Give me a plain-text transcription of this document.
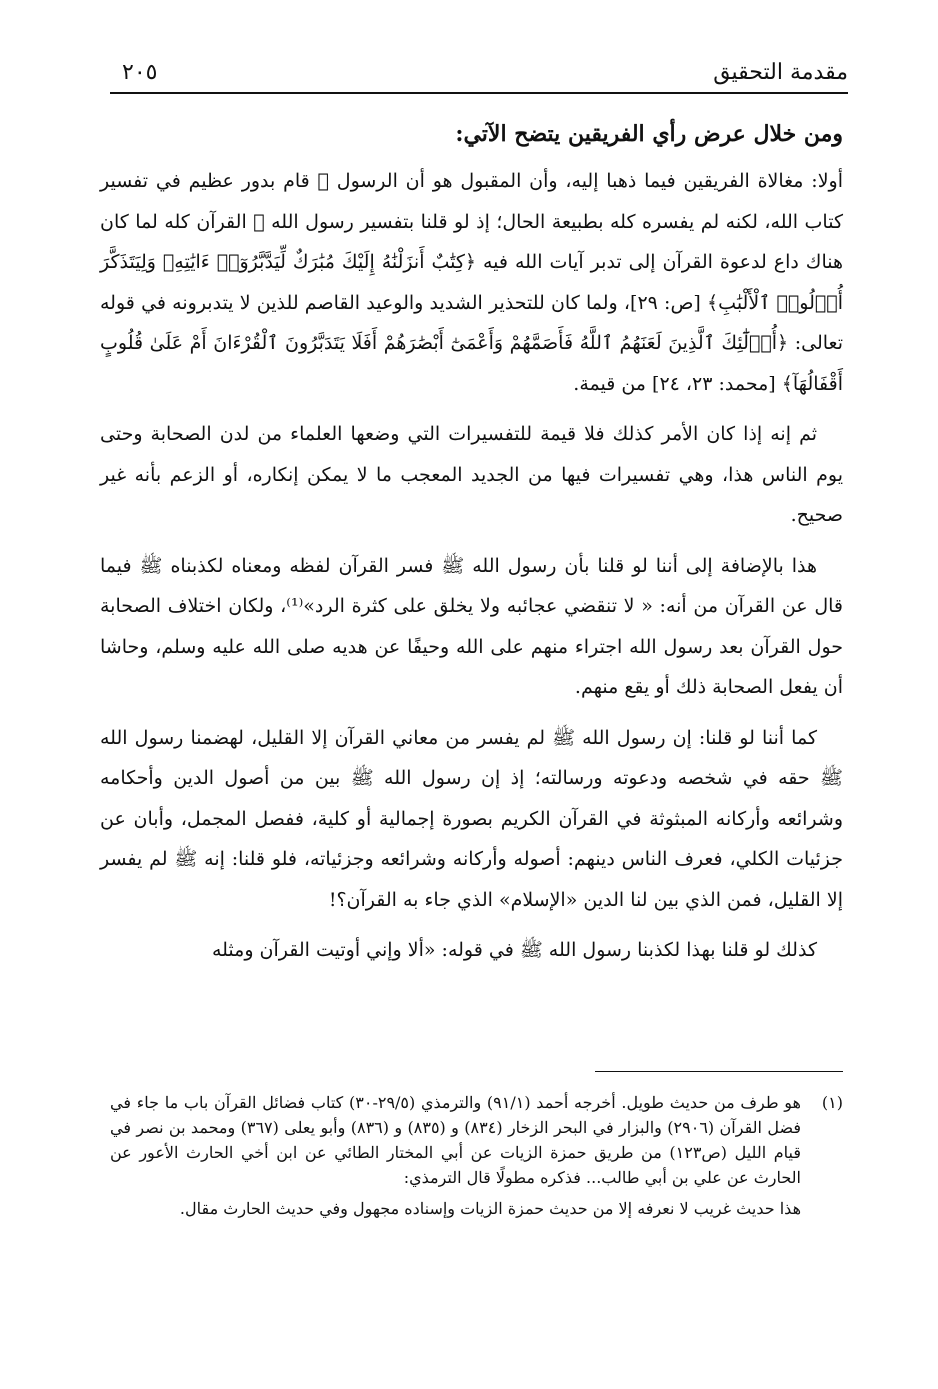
مقدمة التحقيق
٢٠٥
ومن خلال عرض رأي الفريقين يتضح الآتي:

أولا: مغالاة الفريقين فيما ذهبا إليه، وأن المقبول هو أن الرسول ﷺ قام بدور عظيم في تفسير كتاب الله، لكنه لم يفسره كله بطبيعة الحال؛ إذ لو قلنا بتفسير رسول الله ﷺ القرآن كله لما كان هناك داع لدعوة القرآن إلى تدبر آيات الله فيه ﴿كِتَٰبٌ أَنزَلْنَٰهُ إِلَيْكَ مُبَٰرَكٌ لِّيَدَّبَّرُوٓا۟ ءَايَٰتِهِۦ وَلِيَتَذَكَّرَ أُو۟لُوا۟ ٱلْأَلْبَٰبِ﴾ [ص: ٢٩]، ولما كان للتحذير الشديد والوعيد القاصم للذين لا يتدبرونه في قوله تعالى: ﴿أُو۟لَٰٓئِكَ ٱلَّذِينَ لَعَنَهُمُ ٱللَّهُ فَأَصَمَّهُمْ وَأَعْمَىٰٓ أَبْصَٰرَهُمْ أَفَلَا يَتَدَبَّرُونَ ٱلْقُرْءَانَ أَمْ عَلَىٰ قُلُوبٍ أَقْفَالُهَآ﴾ [محمد: ٢٣، ٢٤] من قيمة.

ثم إنه إذا كان الأمر كذلك فلا قيمة للتفسيرات التي وضعها العلماء من لدن الصحابة وحتى يوم الناس هذا، وهي تفسيرات فيها من الجديد المعجب ما لا يمكن إنكاره، أو الزعم بأنه غير صحيح.

هذا بالإضافة إلى أننا لو قلنا بأن رسول الله ﷺ فسر القرآن لفظه ومعناه لكذبناه ﷺ فيما قال عن القرآن من أنه: « لا تنقضي عجائبه ولا يخلق على كثرة الرد»⁽¹⁾، ولكان اختلاف الصحابة حول القرآن بعد رسول الله اجتراء منهم على الله وحيفًا عن هديه صلى الله عليه وسلم، وحاشا أن يفعل الصحابة ذلك أو يقع منهم.

كما أننا لو قلنا: إن رسول الله ﷺ لم يفسر من معاني القرآن إلا القليل، لهضمنا رسول الله ﷺ حقه في شخصه ودعوته ورسالته؛ إذ إن رسول الله ﷺ بين من أصول الدين وأحكامه وشرائعه وأركانه المبثوثة في القرآن الكريم بصورة إجمالية أو كلية، ففصل المجمل، وأبان عن جزئيات الكلي، فعرف الناس دينهم: أصوله وأركانه وشرائعه وجزئياته، فلو قلنا: إنه ﷺ لم يفسر إلا القليل، فمن الذي بين لنا الدين «الإسلام» الذي جاء به القرآن؟!

كذلك لو قلنا بهذا لكذبنا رسول الله ﷺ في قوله: «ألا وإني أوتيت القرآن ومثله

(١)
هو طرف من حديث طويل. أخرجه أحمد (٩١/١) والترمذي (٢٩/٥-٣٠) كتاب فضائل القرآن باب ما جاء في فضل القرآن (٢٩٠٦) والبزار في البحر الزخار (٨٣٤) و (٨٣٥) و (٨٣٦) وأبو يعلى (٣٦٧) ومحمد بن نصر في قيام الليل (ص١٢٣) من طريق حمزة الزيات عن أبي المختار الطائي عن ابن أخي الحارث الأعور عن الحارث عن علي بن أبي طالب... فذكره مطولًا قال الترمذي:
هذا حديث غريب لا نعرفه إلا من حديث حمزة الزيات وإسناده مجهول وفي حديث الحارث مقال.
